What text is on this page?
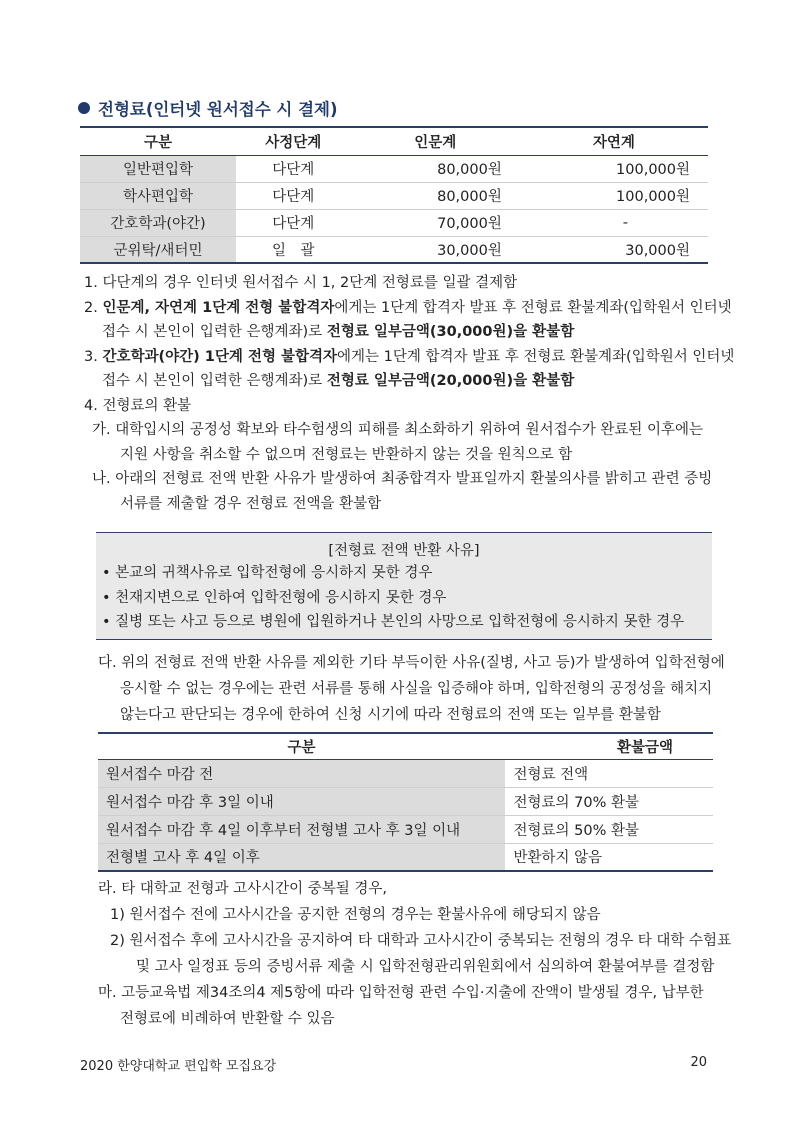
전형료(인터넷 원서접수 시 결제)
구분	사정단계	인문계	자연계
일반편입학	다단계	80,000원	100,000원
학사편입학	다단계	80,000원	100,000원
간호학과(야간)	다단계	70,000원	-
군위탁/새터민	일　괄	30,000원	30,000원
1. 다단계의 경우 인터넷 원서접수 시 1, 2단계 전형료를 일괄 결제함
2. 인문계, 자연계 1단계 전형 불합격자에게는 1단계 합격자 발표 후 전형료 환불계좌(입학원서 인터넷
접수 시 본인이 입력한 은행계좌)로 전형료 일부금액(30,000원)을 환불함
3. 간호학과(야간) 1단계 전형 불합격자에게는 1단계 합격자 발표 후 전형료 환불계좌(입학원서 인터넷
접수 시 본인이 입력한 은행계좌)로 전형료 일부금액(20,000원)을 환불함
4. 전형료의 환불
가. 대학입시의 공정성 확보와 타수험생의 피해를 최소화하기 위하여 원서접수가 완료된 이후에는
지원 사항을 취소할 수 없으며 전형료는 반환하지 않는 것을 원칙으로 함
나. 아래의 전형료 전액 반환 사유가 발생하여 최종합격자 발표일까지 환불의사를 밝히고 관련 증빙
서류를 제출할 경우 전형료 전액을 환불함
[전형료 전액 반환 사유]
• 본교의 귀책사유로 입학전형에 응시하지 못한 경우
• 천재지변으로 인하여 입학전형에 응시하지 못한 경우
• 질병 또는 사고 등으로 병원에 입원하거나 본인의 사망으로 입학전형에 응시하지 못한 경우
다. 위의 전형료 전액 반환 사유를 제외한 기타 부득이한 사유(질병, 사고 등)가 발생하여 입학전형에
응시할 수 없는 경우에는 관련 서류를 통해 사실을 입증해야 하며, 입학전형의 공정성을 해치지
않는다고 판단되는 경우에 한하여 신청 시기에 따라 전형료의 전액 또는 일부를 환불함
구분	환불금액
원서접수 마감 전	전형료 전액
원서접수 마감 후 3일 이내	전형료의 70% 환불
원서접수 마감 후 4일 이후부터 전형별 고사 후 3일 이내	전형료의 50% 환불
전형별 고사 후 4일 이후	반환하지 않음
라. 타 대학교 전형과 고사시간이 중복될 경우,
1) 원서접수 전에 고사시간을 공지한 전형의 경우는 환불사유에 해당되지 않음
2) 원서접수 후에 고사시간을 공지하여 타 대학과 고사시간이 중복되는 전형의 경우 타 대학 수험표
및 고사 일정표 등의 증빙서류 제출 시 입학전형관리위원회에서 심의하여 환불여부를 결정함
마. 고등교육법 제34조의4 제5항에 따라 입학전형 관련 수입·지출에 잔액이 발생될 경우, 납부한
전형료에 비례하여 반환할 수 있음
2020 한양대학교 편입학 모집요강	20
